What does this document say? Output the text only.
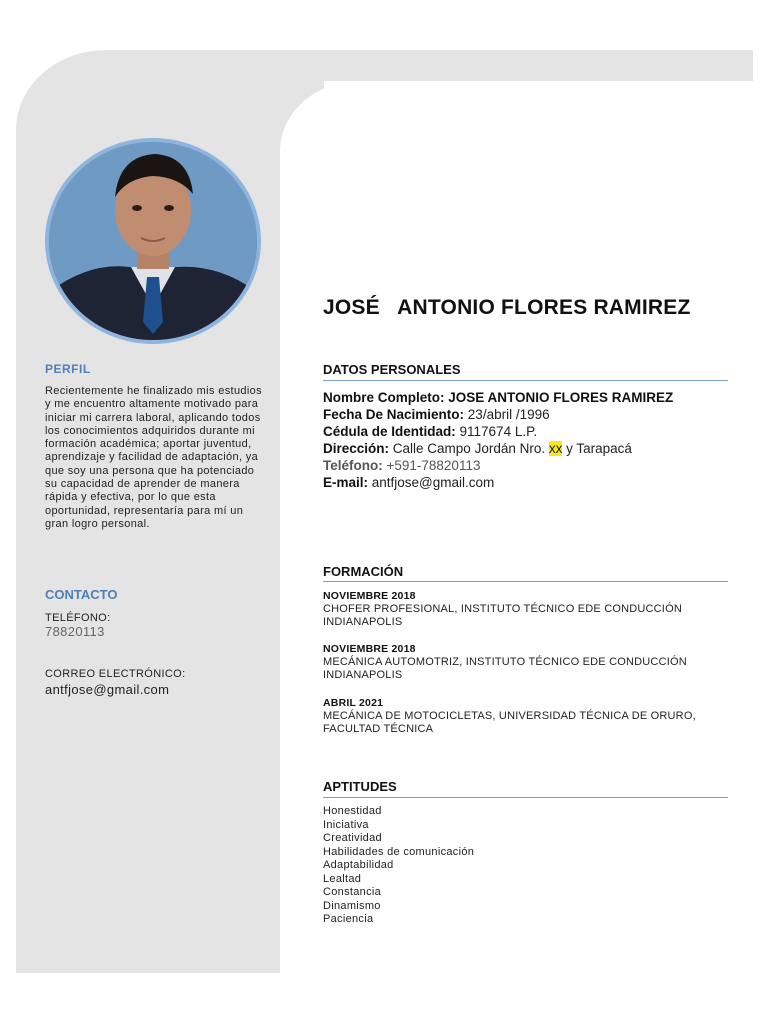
PERFIL
Recientemente he finalizado mis estudios y me encuentro altamente motivado para iniciar mi carrera laboral, aplicando todos los conocimientos adquiridos durante mi formación académica; aportar juventud, aprendizaje y facilidad de adaptación, ya que soy una persona que ha potenciado su capacidad de aprender de manera rápida y efectiva, por lo que esta oportunidad, representaría para mí un gran logro personal.
CONTACTO
TELÉFONO:
78820113
CORREO ELECTRÓNICO:
antfjose@gmail.com
JOSÉ   ANTONIO FLORES RAMIREZ
DATOS PERSONALES
Nombre Completo: JOSE ANTONIO FLORES RAMIREZ
Fecha De Nacimiento: 23/abril /1996
Cédula de Identidad: 9117674 L.P.
Dirección: Calle Campo Jordán Nro. xx y Tarapacá
Teléfono: +591-78820113
E-mail: antfjose@gmail.com
FORMACIÓN
NOVIEMBRE 2018
CHOFER PROFESIONAL, INSTITUTO TÉCNICO EDE CONDUCCIÓN
INDIANAPOLIS
NOVIEMBRE 2018
MECÁNICA AUTOMOTRIZ, INSTITUTO TÉCNICO EDE CONDUCCIÓN
INDIANAPOLIS
ABRIL 2021
MECÁNICA DE MOTOCICLETAS, UNIVERSIDAD TÉCNICA DE ORURO,
FACULTAD TÉCNICA
APTITUDES
Honestidad
Iniciativa
Creatividad
Habilidades de comunicación
Adaptabilidad
Lealtad
Constancia
Dinamismo
Paciencia
